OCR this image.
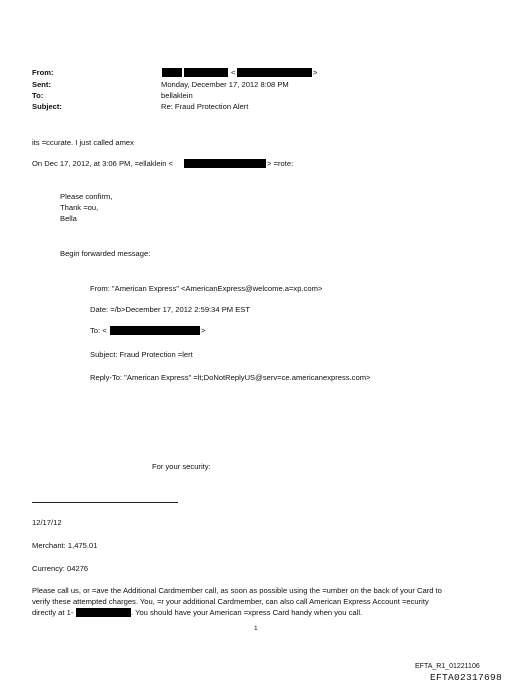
From:	<	>
Sent:	Monday, December 17, 2012 8:08 PM
To:	bellaklein
Subject:	Re: Fraud Protection Alert
its =ccurate. I just called amex
On Dec 17, 2012, at 3:06 PM, =ellaklein <	> =rote:
Please confirm,
Thank =ou,
Bella
Begin forwarded message:
From: "American Express" <AmericanExpress@welcome.a=xp.com>
Date: =/b>December 17, 2012 2:59:34 PM EST
To: <	>
Subject: Fraud Protection =lert
Reply-To: "American Express" =lt;DoNotReplyUS@serv=ce.americanexpress.com>
For your security:
12/17/12
Merchant: 1,475.01
Currency: 04276
Please call us, or =ave the Additional Cardmember call, as soon as possible using the =umber on the back of your Card to
verify these attempted charges. You, =r your additional Cardmember, can also call American Express Account =ecurity
directly at 1-	. You should have your American =xpress Card handy when you call.
1
EFTA_R1_01221106
EFTA02317698
